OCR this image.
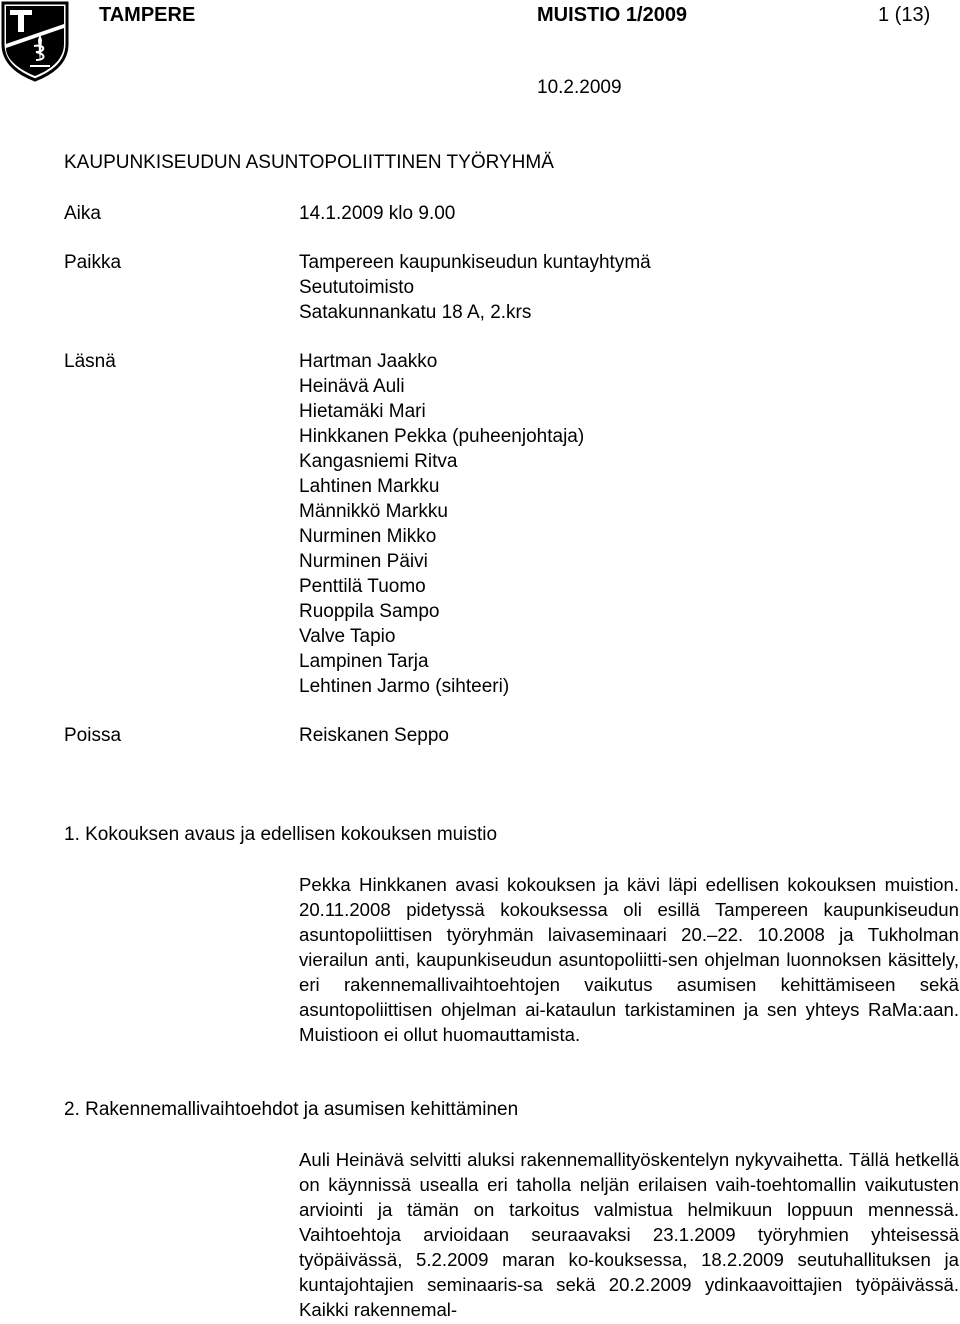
TAMPERE	MUISTIO 1/2009	1 (13)
10.2.2009
KAUPUNKISEUDUN ASUNTOPOLIITTINEN TYÖRYHMÄ
Aika	14.1.2009 klo 9.00
Paikka	Tampereen kaupunkiseudun kuntayhtymä
Seututoimisto
Satakunnankatu 18 A, 2.krs
Läsnä	Hartman Jaakko
Heinävä Auli
Hietamäki Mari
Hinkkanen Pekka (puheenjohtaja)
Kangasniemi Ritva
Lahtinen Markku
Männikkö Markku
Nurminen Mikko
Nurminen Päivi
Penttilä Tuomo
Ruoppila Sampo
Valve Tapio
Lampinen Tarja
Lehtinen Jarmo (sihteeri)
Poissa	Reiskanen Seppo
1. Kokouksen avaus ja edellisen kokouksen muistio
Pekka Hinkkanen avasi kokouksen ja kävi läpi edellisen kokouksen muistion. 20.11.2008 pidetyssä kokouksessa oli esillä Tampereen kaupunkiseudun asuntopoliittisen työryhmän laivaseminaari 20.–22. 10.2008 ja Tukholman vierailun anti, kaupunkiseudun asuntopoliitti-sen ohjelman luonnoksen käsittely, eri rakennemallivaihtoehtojen vaikutus asumisen kehittämiseen sekä asuntopoliittisen ohjelman ai-kataulun tarkistaminen ja sen yhteys RaMa:aan. Muistioon ei ollut huomauttamista.
2. Rakennemallivaihtoehdot ja asumisen kehittäminen
Auli Heinävä selvitti aluksi rakennemallityöskentelyn nykyvaihetta. Tällä hetkellä on käynnissä usealla eri taholla neljän erilaisen vaih-toehtomallin vaikutusten arviointi ja tämän on tarkoitus valmistua helmikuun loppuun mennessä. Vaihtoehtoja arvioidaan seuraavaksi 23.1.2009 työryhmien yhteisessä työpäivässä, 5.2.2009 maran ko-kouksessa, 18.2.2009 seutuhallituksen ja kuntajohtajien seminaaris-sa sekä 20.2.2009 ydinkaavoittajien työpäivässä. Kaikki rakennemal-
